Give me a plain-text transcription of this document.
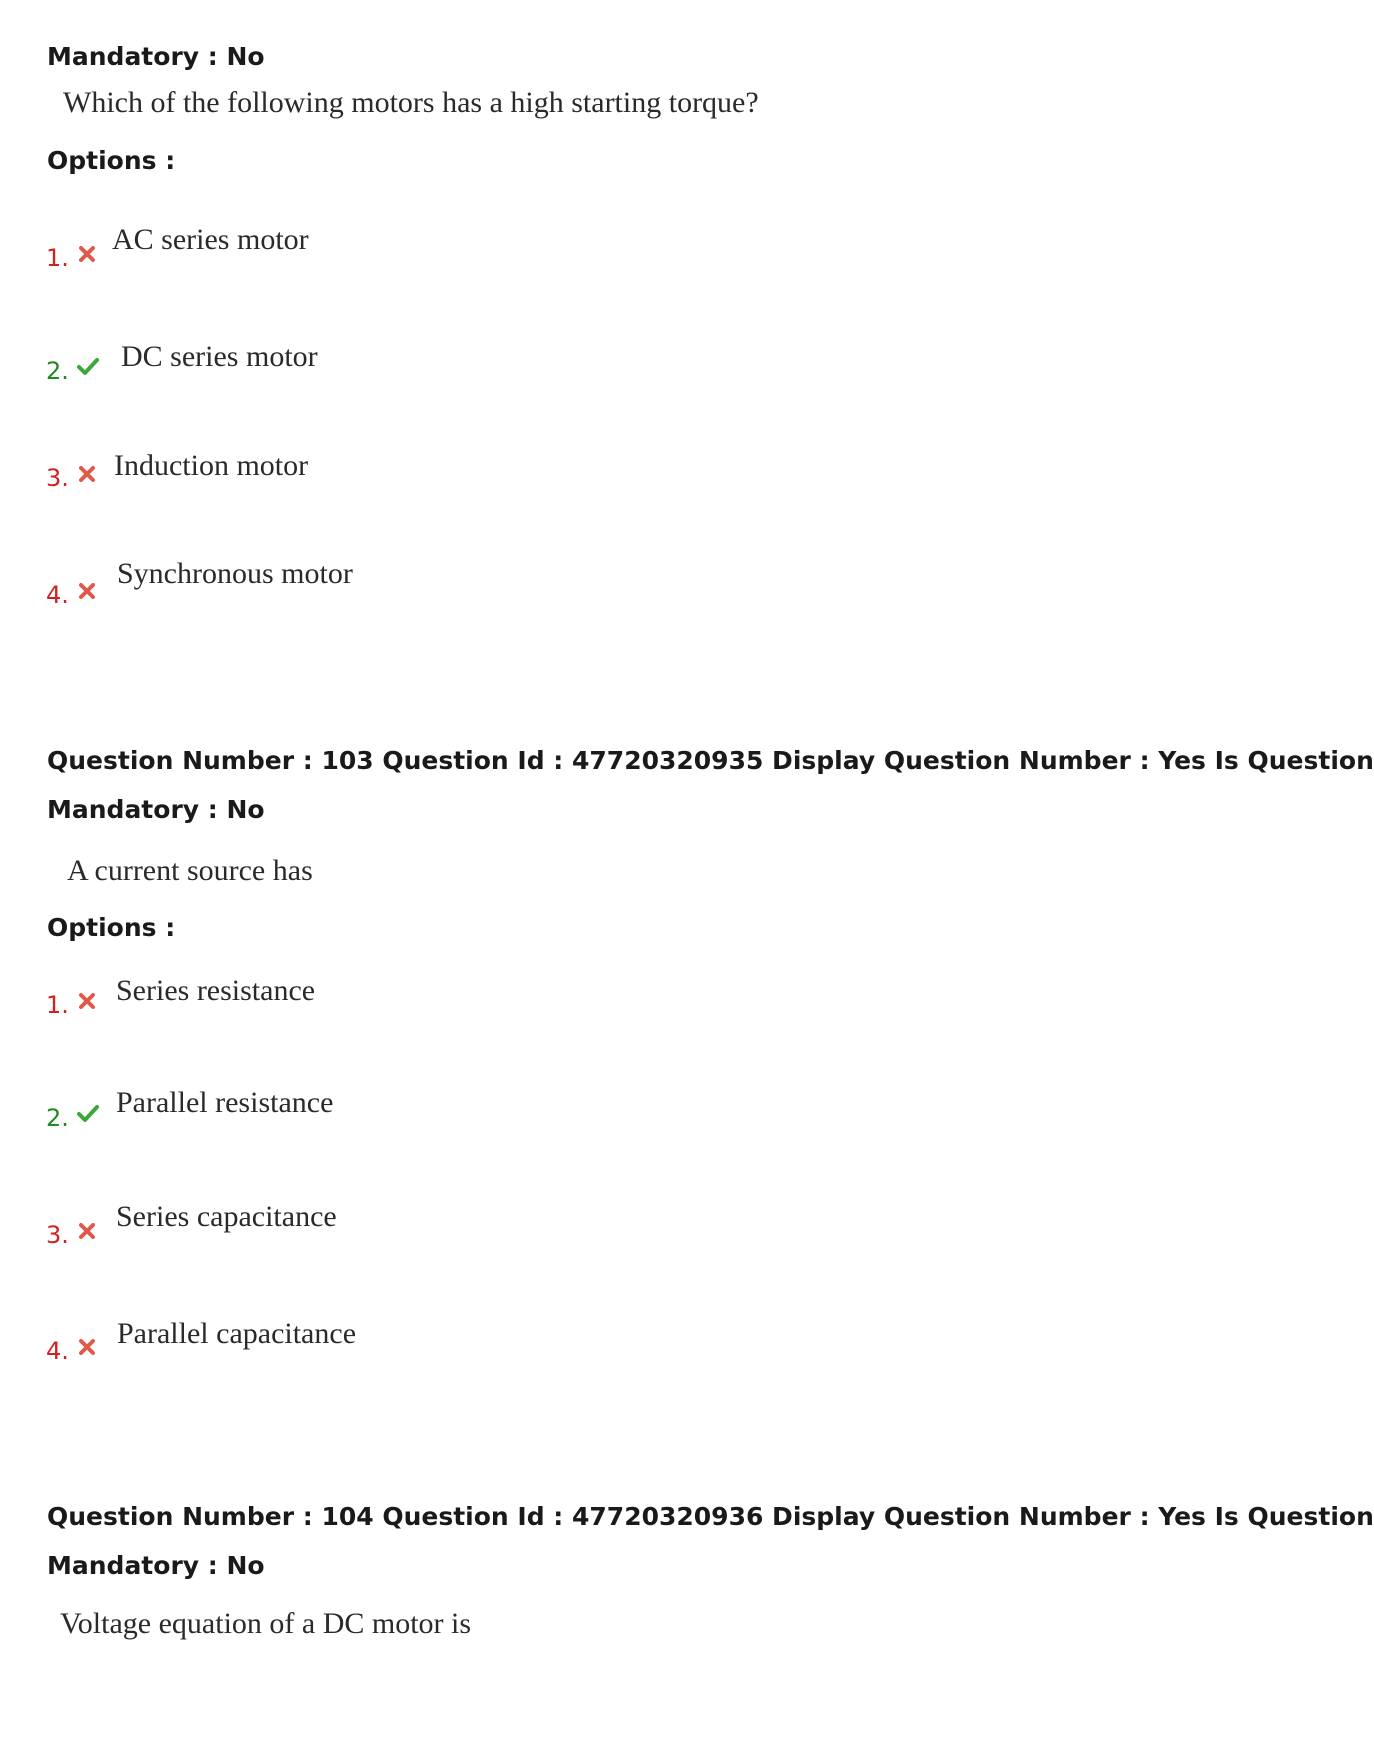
Mandatory : No
Which of the following motors has a high starting torque?
Options :
1.
AC series motor
2. DC series motor
3. Induction motor
4.
Synchronous motor
Question Number : 103 Question Id : 47720320935 Display Question Number : Yes Is Question
Mandatory : No
A current source has
Options :
1. Series resistance
2. Parallel resistance
3.
Series capacitance
4.
Parallel capacitance
Question Number : 104 Question Id : 47720320936 Display Question Number : Yes Is Question
Mandatory : No
Voltage equation of a DC motor is
